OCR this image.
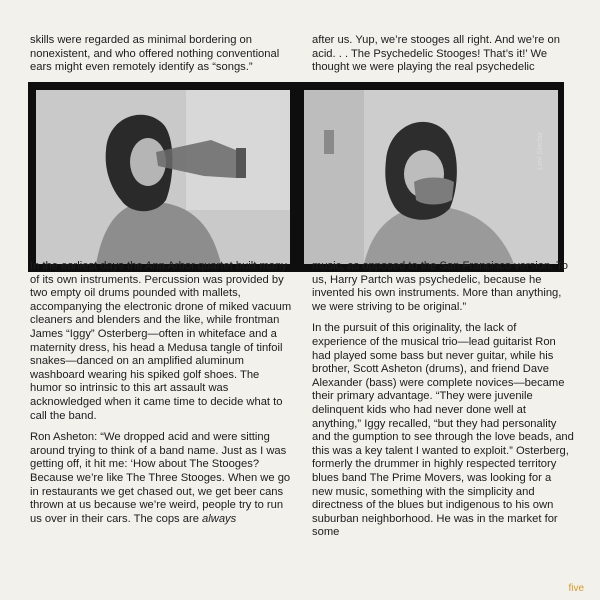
skills were regarded as minimal bordering on nonexistent, and who offered nothing conventional ears might even remotely identify as “songs.”

after us. Yup, we’re stooges all right. And we’re on acid. . . The Psychedelic Stooges! That’s it!’ We thought we were playing the real psychedelic

Leni Sinclair

In the earliest days the Ann Arbor quartet built many of its own instruments. Percussion was provided by two empty oil drums pounded with mallets, accompanying the electronic drone of miked vacuum cleaners and blenders and the like, while frontman James “Iggy” Osterberg—often in whiteface and a maternity dress, his head a Medusa tangle of tinfoil snakes—danced on an amplified aluminum washboard wearing his spiked golf shoes. The humor so intrinsic to this art assault was acknowledged when it came time to decide what to call the band.

Ron Asheton: “We dropped acid and were sitting around trying to think of a band name. Just as I was getting off, it hit me: ‘How about The Stooges? Because we’re like The Three Stooges. When we go in restaurants we get chased out, we get beer cans thrown at us because we’re weird, people try to run us over in their cars. The cops are always

music, as opposed to the San Francisco version. To us, Harry Partch was psychedelic, because he invented his own instruments. More than anything, we were striving to be original.”

In the pursuit of this originality, the lack of experience of the musical trio—lead guitarist Ron had played some bass but never guitar, while his brother, Scott Asheton (drums), and friend Dave Alexander (bass) were complete novices—became their primary advantage. “They were juvenile delinquent kids who had never done well at anything,” Iggy recalled, “but they had personality and the gumption to see through the love beads, and this was a key talent I wanted to exploit.” Osterberg, formerly the drummer in highly respected territory blues band The Prime Movers, was looking for a new music, something with the simplicity and directness of the blues but indigenous to his own suburban neighborhood. He was in the market for some

five
